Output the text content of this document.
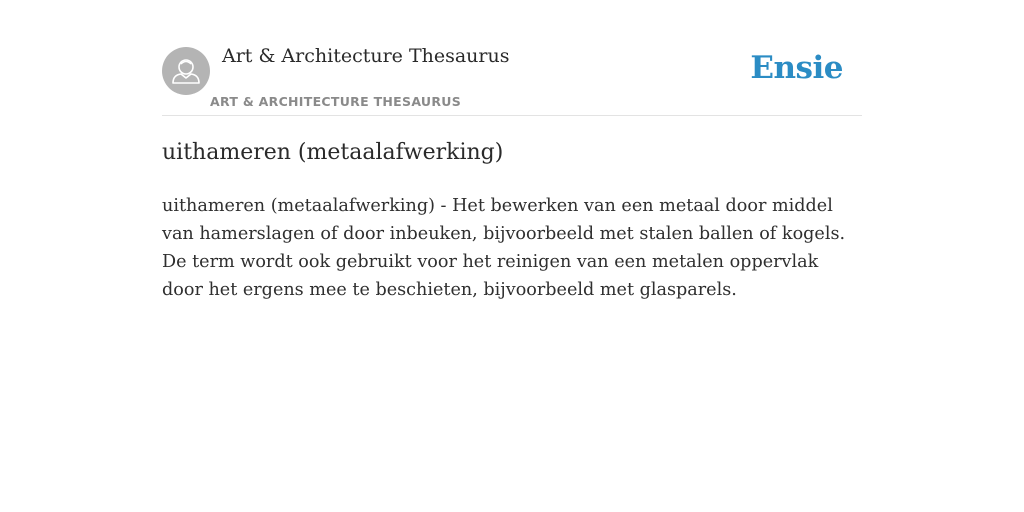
Art & Architecture Thesaurus
ART & ARCHITECTURE THESAURUS
Ensie
uithameren (metaalafwerking)

uithameren (metaalafwerking) - Het bewerken van een metaal door middel van hamerslagen of door inbeuken, bijvoorbeeld met stalen ballen of kogels. De term wordt ook gebruikt voor het reinigen van een metalen oppervlak door het ergens mee te beschieten, bijvoorbeeld met glasparels.
